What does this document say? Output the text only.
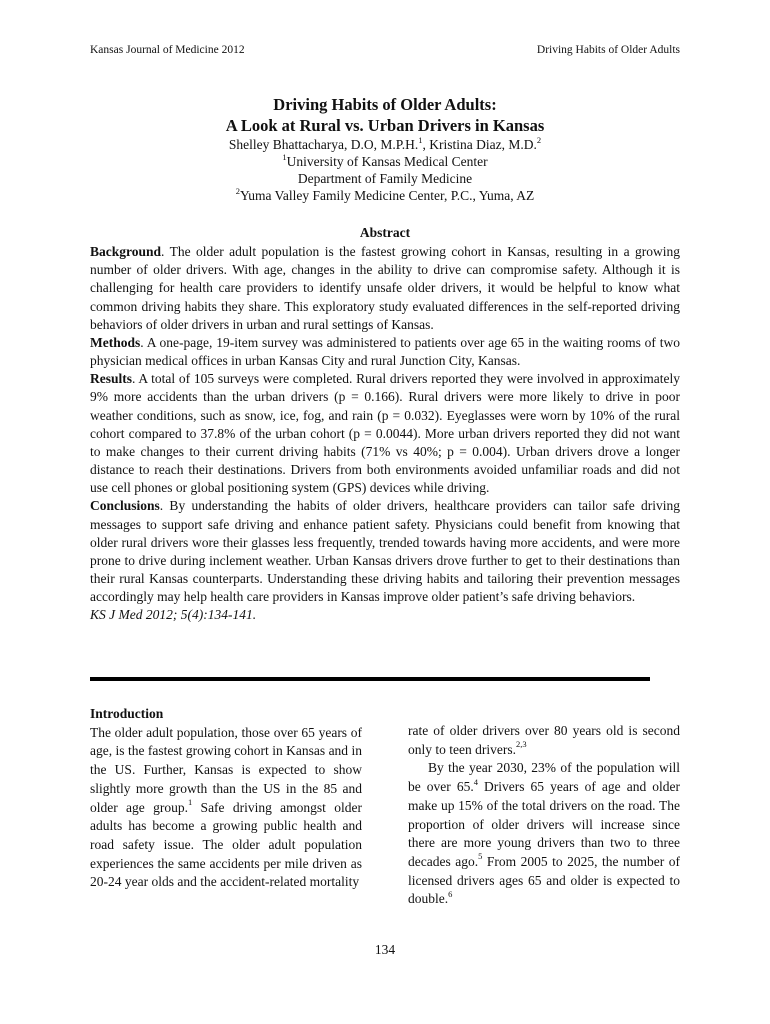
Kansas Journal of Medicine 2012	Driving Habits of Older Adults
Driving Habits of Older Adults:
A Look at Rural vs. Urban Drivers in Kansas
Shelley Bhattacharya, D.O, M.P.H.$^1$, Kristina Diaz, M.D.$^2$
$^1$University of Kansas Medical Center
Department of Family Medicine
$^2$Yuma Valley Family Medicine Center, P.C., Yuma, AZ
Abstract

Background. The older adult population is the fastest growing cohort in Kansas, resulting in a growing number of older drivers. With age, changes in the ability to drive can compromise safety. Although it is challenging for health care providers to identify unsafe older drivers, it would be helpful to know what common driving habits they share. This exploratory study evaluated differences in the self-reported driving behaviors of older drivers in urban and rural settings of Kansas.

Methods. A one-page, 19-item survey was administered to patients over age 65 in the waiting rooms of two physician medical offices in urban Kansas City and rural Junction City, Kansas.

Results. A total of 105 surveys were completed. Rural drivers reported they were involved in approximately 9% more accidents than the urban drivers (p = 0.166). Rural drivers were more likely to drive in poor weather conditions, such as snow, ice, fog, and rain (p = 0.032). Eyeglasses were worn by 10% of the rural cohort compared to 37.8% of the urban cohort (p = 0.0044). More urban drivers reported they did not want to make changes to their current driving habits (71% vs 40%; p = 0.004). Urban drivers drove a longer distance to reach their destinations. Drivers from both environments avoided unfamiliar roads and did not use cell phones or global positioning system (GPS) devices while driving.

Conclusions. By understanding the habits of older drivers, healthcare providers can tailor safe driving messages to support safe driving and enhance patient safety. Physicians could benefit from knowing that older rural drivers wore their glasses less frequently, trended towards having more accidents, and were more prone to drive during inclement weather. Urban Kansas drivers drove further to get to their destinations than their rural Kansas counterparts. Understanding these driving habits and tailoring their prevention messages accordingly may help health care providers in Kansas improve older patient’s safe driving behaviors.

KS J Med 2012; 5(4):134-141.

Introduction

The older adult population, those over 65 years of age, is the fastest growing cohort in Kansas and in the US. Further, Kansas is expected to show slightly more growth than the US in the 85 and older age group.$^1$ Safe driving amongst older adults has become a growing public health and road safety issue. The older adult population experiences the same accidents per mile driven as 20-24 year olds and the accident-related mortality

rate of older drivers over 80 years old is second only to teen drivers.$^{2,3}$

By the year 2030, 23% of the population will be over 65.$^4$ Drivers 65 years of age and older make up 15% of the total drivers on the road. The proportion of older drivers will increase since there are more young drivers than two to three decades ago.$^5$ From 2005 to 2025, the number of licensed drivers ages 65 and older is expected to double.$^6$

134
